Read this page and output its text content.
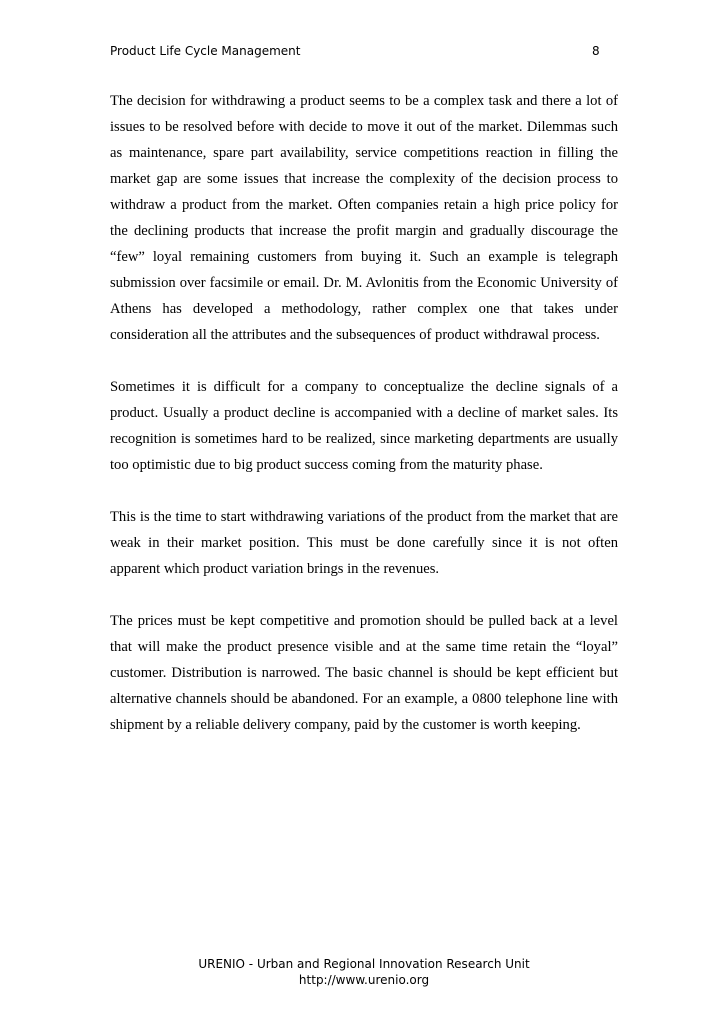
Product Life Cycle Management	8

The decision for withdrawing a product seems to be a complex task and there a lot of issues to be resolved before with decide to move it out of the market. Dilemmas such as maintenance, spare part availability, service competitions reaction in filling the market gap are some issues that increase the complexity of the decision process to withdraw a product from the market. Often companies retain a high price policy for the declining products that increase the profit margin and gradually discourage the “few” loyal remaining customers from buying it. Such an example is telegraph submission over facsimile or email. Dr. M. Avlonitis from the Economic University of Athens has developed a methodology, rather complex one that takes under consideration all the attributes and the subsequences of product withdrawal process.

Sometimes it is difficult for a company to conceptualize the decline signals of a product. Usually a product decline is accompanied with a decline of market sales. Its recognition is sometimes hard to be realized, since marketing departments are usually too optimistic due to big product success coming from the maturity phase.

This is the time to start withdrawing variations of the product from the market that are weak in their market position. This must be done carefully since it is not often apparent which product variation brings in the revenues.

The prices must be kept competitive and promotion should be pulled back at a level that will make the product presence visible and at the same time retain the “loyal” customer. Distribution is narrowed. The basic channel is should be kept efficient but alternative channels should be abandoned. For an example, a 0800 telephone line with shipment by a reliable delivery company, paid by the customer is worth keeping.

URENIO - Urban and Regional Innovation Research Unit
http://www.urenio.org
